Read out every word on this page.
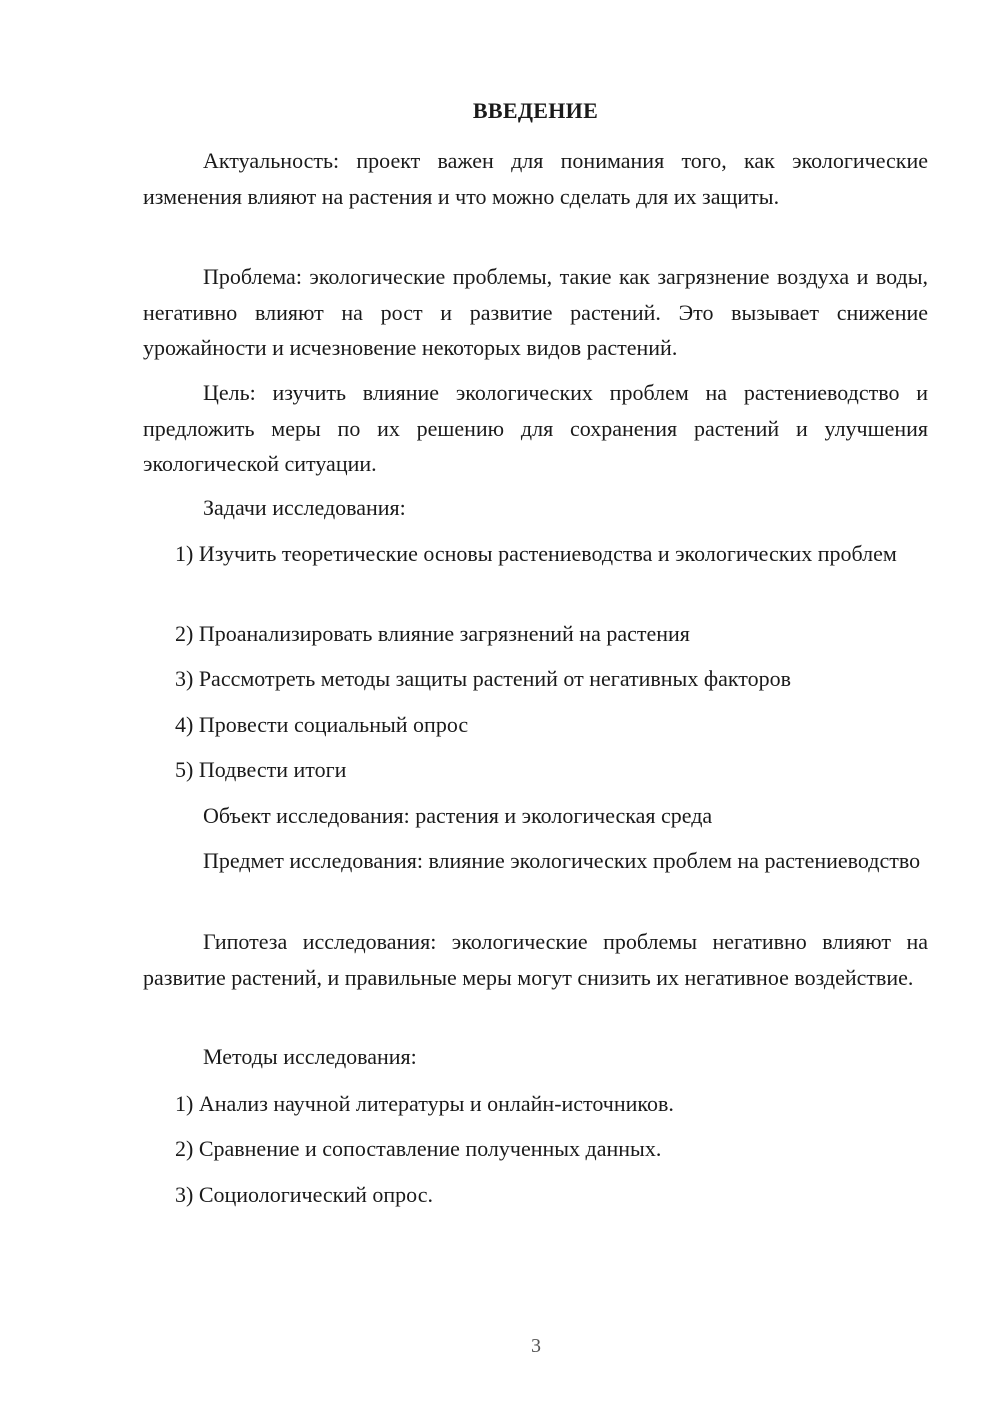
ВВЕДЕНИЕ

Актуальность: проект важен для понимания того, как экологические изменения влияют на растения и что можно сделать для их защиты.

Проблема: экологические проблемы, такие как загрязнение воздуха и воды, негативно влияют на рост и развитие растений. Это вызывает снижение урожайности и исчезновение некоторых видов растений.

Цель: изучить влияние экологических проблем на растениеводство и предложить меры по их решению для сохранения растений и улучшения экологической ситуации.

Задачи исследования:

1) Изучить теоретические основы растениеводства и экологических проблем

2) Проанализировать влияние загрязнений на растения

3) Рассмотреть методы защиты растений от негативных факторов

4) Провести социальный опрос

5) Подвести итоги

Объект исследования: растения и экологическая среда

Предмет исследования: влияние экологических проблем на растениеводство

Гипотеза исследования: экологические проблемы негативно влияют на развитие растений, и правильные меры могут снизить их негативное воздействие.

Методы исследования:

1) Анализ научной литературы и онлайн-источников.

2) Сравнение и сопоставление полученных данных.

3) Социологический опрос.

3
